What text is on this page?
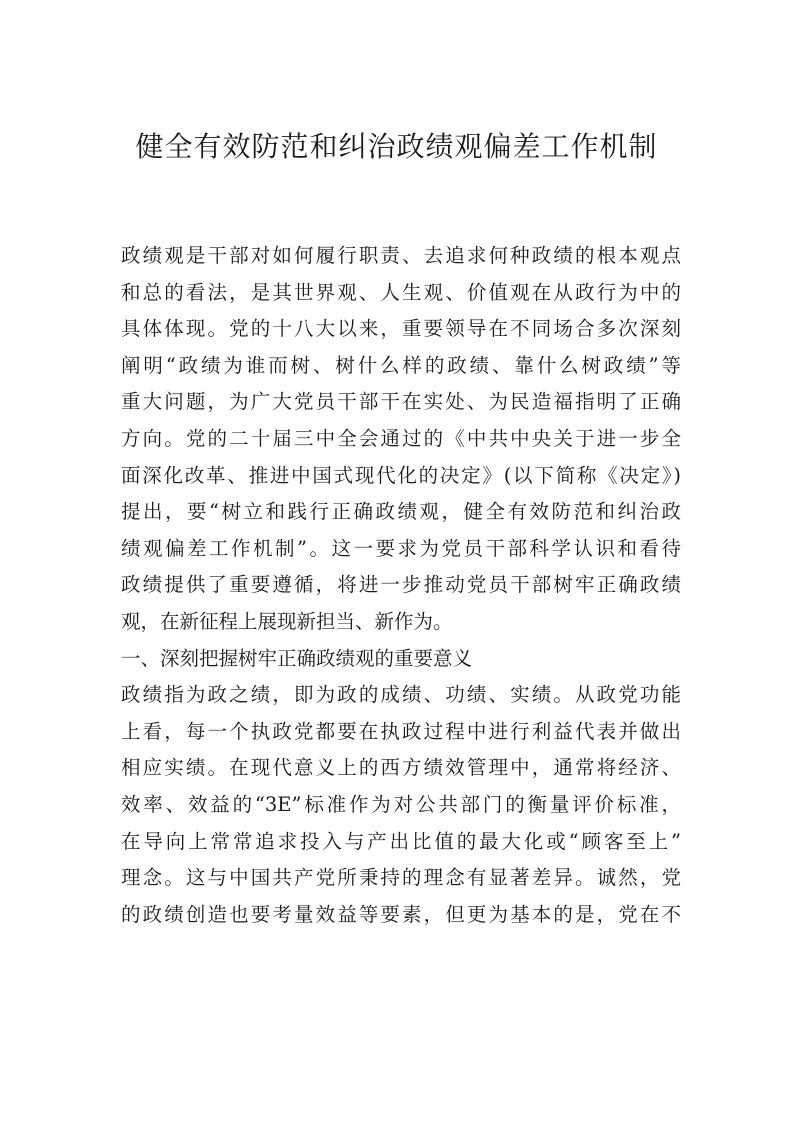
健全有效防范和纠治政绩观偏差工作机制
政绩观是干部对如何履行职责、去追求何种政绩的根本观点
和总的看法，是其世界观、人生观、价值观在从政行为中的
具体体现。党的十八大以来，重要领导在不同场合多次深刻
阐明“政绩为谁而树、树什么样的政绩、靠什么树政绩”等
重大问题，为广大党员干部干在实处、为民造福指明了正确
方向。党的二十届三中全会通过的《中共中央关于进一步全
面深化改革、推进中国式现代化的决定》(以下简称《决定》)
提出，要“树立和践行正确政绩观，健全有效防范和纠治政
绩观偏差工作机制”。这一要求为党员干部科学认识和看待
政绩提供了重要遵循，将进一步推动党员干部树牢正确政绩
观，在新征程上展现新担当、新作为。
一、深刻把握树牢正确政绩观的重要意义
政绩指为政之绩，即为政的成绩、功绩、实绩。从政党功能
上看，每一个执政党都要在执政过程中进行利益代表并做出
相应实绩。在现代意义上的西方绩效管理中，通常将经济、
效率、效益的“3E”标准作为对公共部门的衡量评价标准，
在导向上常常追求投入与产出比值的最大化或“顾客至上”
理念。这与中国共产党所秉持的理念有显著差异。诚然，党
的政绩创造也要考量效益等要素，但更为基本的是，党在不
